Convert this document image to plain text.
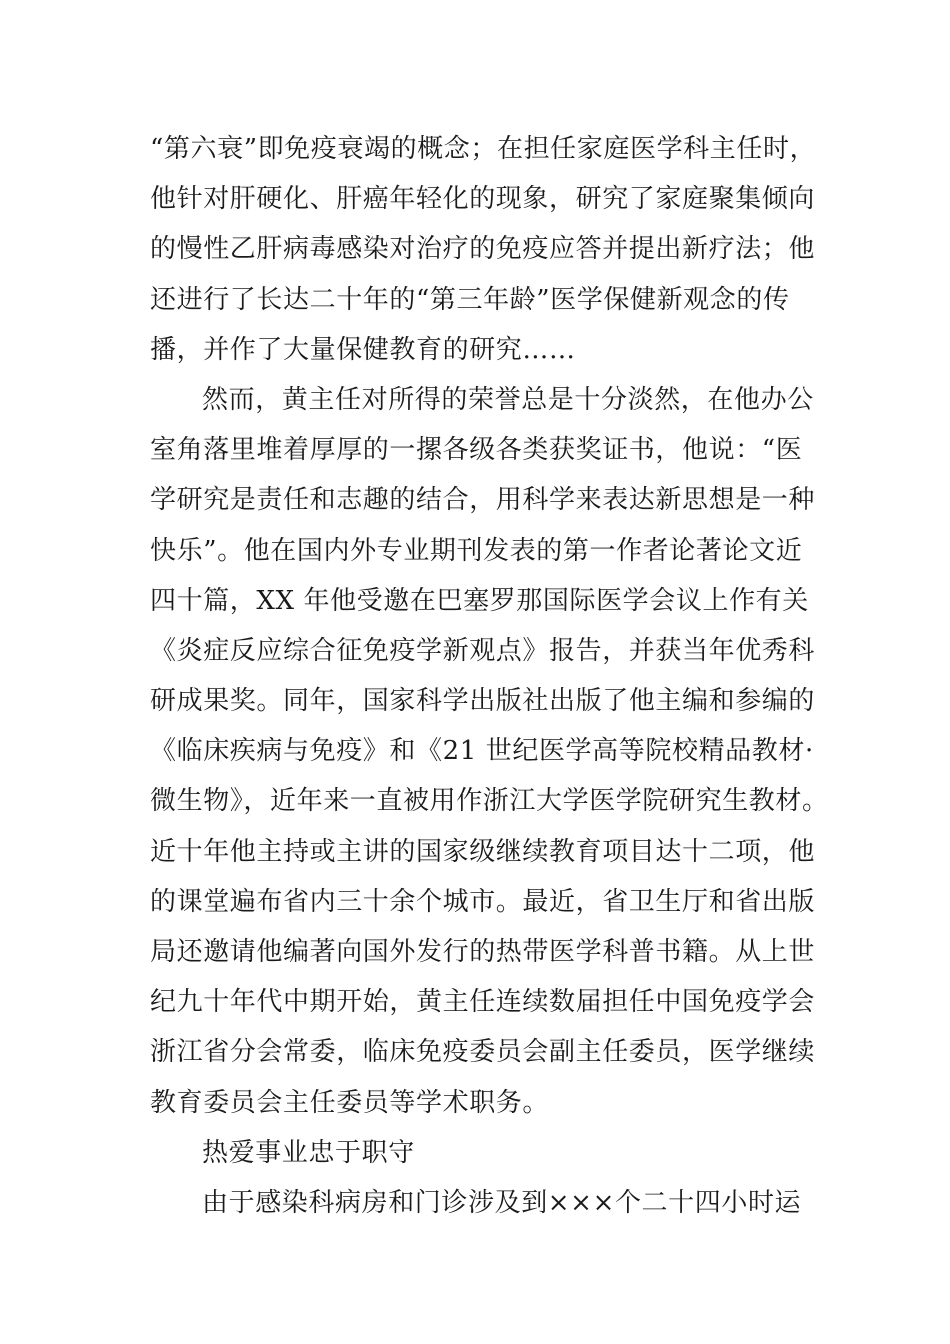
“第六衰”即免疫衰竭的概念；在担任家庭医学科主任时，
他针对肝硬化、肝癌年轻化的现象，研究了家庭聚集倾向
的慢性乙肝病毒感染对治疗的免疫应答并提出新疗法；他
还进行了长达二十年的“第三年龄”医学保健新观念的传
播，并作了大量保健教育的研究……
然而，黄主任对所得的荣誉总是十分淡然，在他办公
室角落里堆着厚厚的一摞各级各类获奖证书，他说：“医
学研究是责任和志趣的结合，用科学来表达新思想是一种
快乐”。他在国内外专业期刊发表的第一作者论著论文近
四十篇，XX 年他受邀在巴塞罗那国际医学会议上作有关
《炎症反应综合征免疫学新观点》报告，并获当年优秀科
研成果奖。同年，国家科学出版社出版了他主编和参编的
《临床疾病与免疫》和《21 世纪医学高等院校精品教材·
微生物》，近年来一直被用作浙江大学医学院研究生教材。
近十年他主持或主讲的国家级继续教育项目达十二项，他
的课堂遍布省内三十余个城市。最近，省卫生厅和省出版
局还邀请他编著向国外发行的热带医学科普书籍。从上世
纪九十年代中期开始，黄主任连续数届担任中国免疫学会
浙江省分会常委，临床免疫委员会副主任委员，医学继续
教育委员会主任委员等学术职务。
热爱事业忠于职守
由于感染科病房和门诊涉及到×××个二十四小时运
